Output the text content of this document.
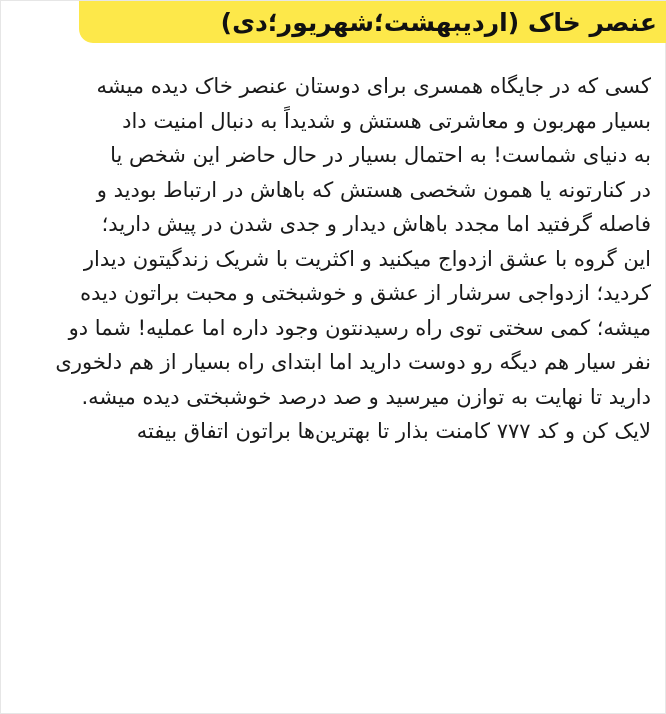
عنصر خاک (اردیبهشت؛شهریور؛دی)
کسی که در جایگاه همسری برای دوستان عنصر خاک دیده میشه
بسیار مهربون و معاشرتی هستش و شدیداً به دنبال امنیت داد
به دنیای شماست! به احتمال بسیار در حال حاضر این شخص یا
در کنارتونه یا همون شخصی هستش که باهاش در ارتباط بودید و
فاصله گرفتید اما مجدد باهاش دیدار و جدی شدن در پیش دارید؛
این گروه با عشق ازدواج میکنید و اکثریت با شریک زندگیتون دیدار
کردید؛ ازدواجی سرشار از عشق و خوشبختی و محبت براتون دیده
میشه؛ کمی سختی توی راه رسیدنتون وجود داره اما عملیه! شما دو
نفر سیار هم دیگه رو دوست دارید اما ابتدای راه بسیار از هم دلخوری
دارید تا نهایت به توازن میرسید و صد درصد خوشبختی دیده میشه.
لایک کن و کد ۷۷۷ کامنت بذار تا بهترین‌ها براتون اتفاق بیفته
